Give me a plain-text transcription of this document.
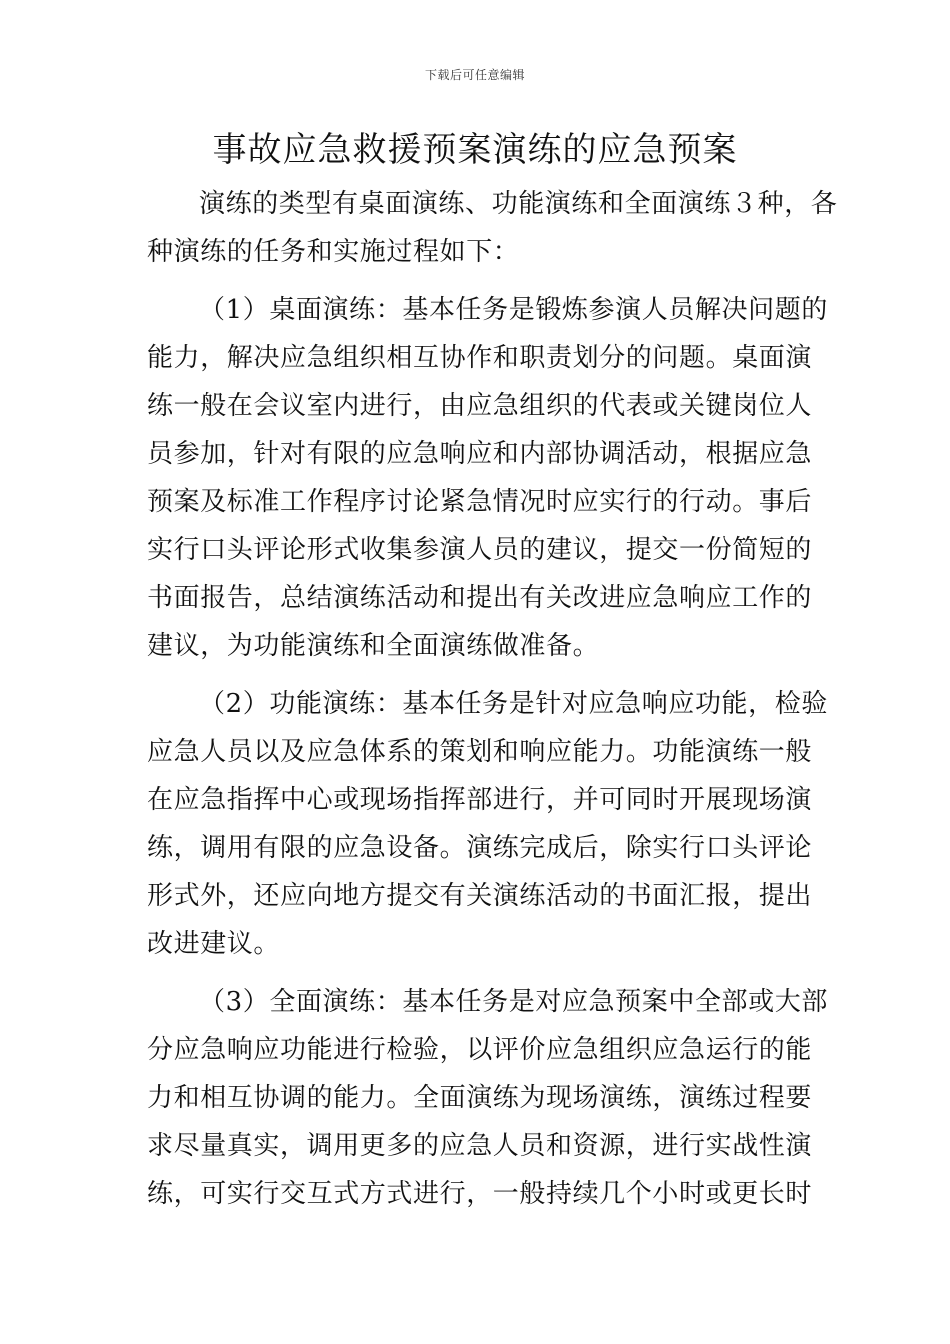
下载后可任意编辑
事故应急救援预案演练的应急预案
演练的类型有桌面演练、功能演练和全面演练３种，各
种演练的任务和实施过程如下：
（1）桌面演练：基本任务是锻炼参演人员解决问题的
能力，解决应急组织相互协作和职责划分的问题。桌面演
练一般在会议室内进行，由应急组织的代表或关键岗位人
员参加，针对有限的应急响应和内部协调活动，根据应急
预案及标准工作程序讨论紧急情况时应实行的行动。事后
实行口头评论形式收集参演人员的建议，提交一份简短的
书面报告，总结演练活动和提出有关改进应急响应工作的
建议，为功能演练和全面演练做准备。
（2）功能演练：基本任务是针对应急响应功能，检验
应急人员以及应急体系的策划和响应能力。功能演练一般
在应急指挥中心或现场指挥部进行，并可同时开展现场演
练，调用有限的应急设备。演练完成后，除实行口头评论
形式外，还应向地方提交有关演练活动的书面汇报，提出
改进建议。
（3）全面演练：基本任务是对应急预案中全部或大部
分应急响应功能进行检验，以评价应急组织应急运行的能
力和相互协调的能力。全面演练为现场演练，演练过程要
求尽量真实，调用更多的应急人员和资源，进行实战性演
练，可实行交互式方式进行，一般持续几个小时或更长时
